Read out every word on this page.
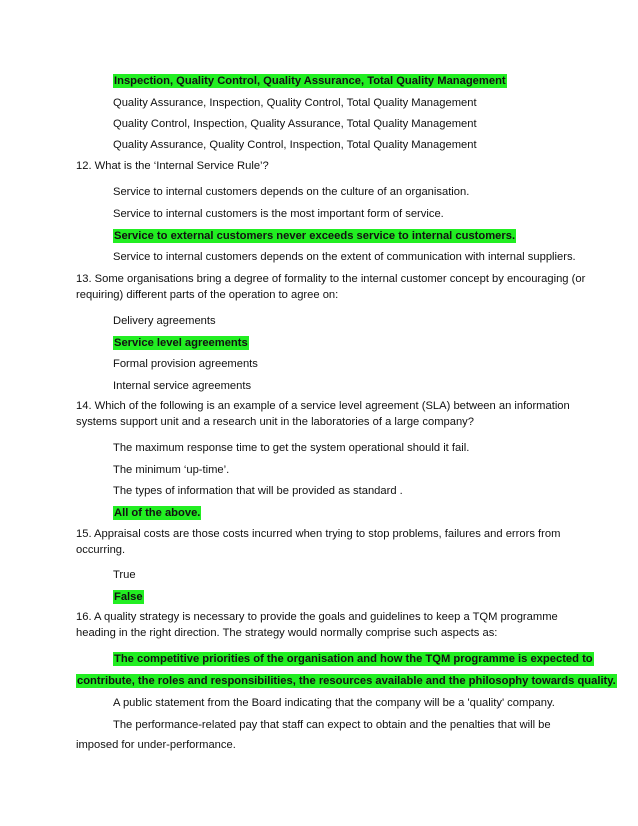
Inspection, Quality Control, Quality Assurance, Total Quality Management
Quality Assurance, Inspection, Quality Control, Total Quality Management
Quality Control, Inspection, Quality Assurance, Total Quality Management
Quality Assurance, Quality Control, Inspection, Total Quality Management
12. What is the ‘Internal Service Rule’?
Service to internal customers depends on the culture of an organisation.
Service to internal customers is the most important form of service.
Service to external customers never exceeds service to internal customers.
Service to internal customers depends on the extent of communication with internal suppliers.
13. Some organisations bring a degree of formality to the internal customer concept by encouraging (or
requiring) different parts of the operation to agree on:
Delivery agreements
Service level agreements
Formal provision agreements
Internal service agreements
14. Which of the following is an example of a service level agreement (SLA) between an information
systems support unit and a research unit in the laboratories of a large company?
The maximum response time to get the system operational should it fail.
The minimum ‘up-time’.
The types of information that will be provided as standard .
All of the above.
15. Appraisal costs are those costs incurred when trying to stop problems, failures and errors from
occurring.
True
False
16. A quality strategy is necessary to provide the goals and guidelines to keep a TQM programme
heading in the right direction. The strategy would normally comprise such aspects as:
The competitive priorities of the organisation and how the TQM programme is expected to
contribute, the roles and responsibilities, the resources available and the philosophy towards quality.
A public statement from the Board indicating that the company will be a 'quality' company.
The performance-related pay that staff can expect to obtain and the penalties that will be
imposed for under-performance.
